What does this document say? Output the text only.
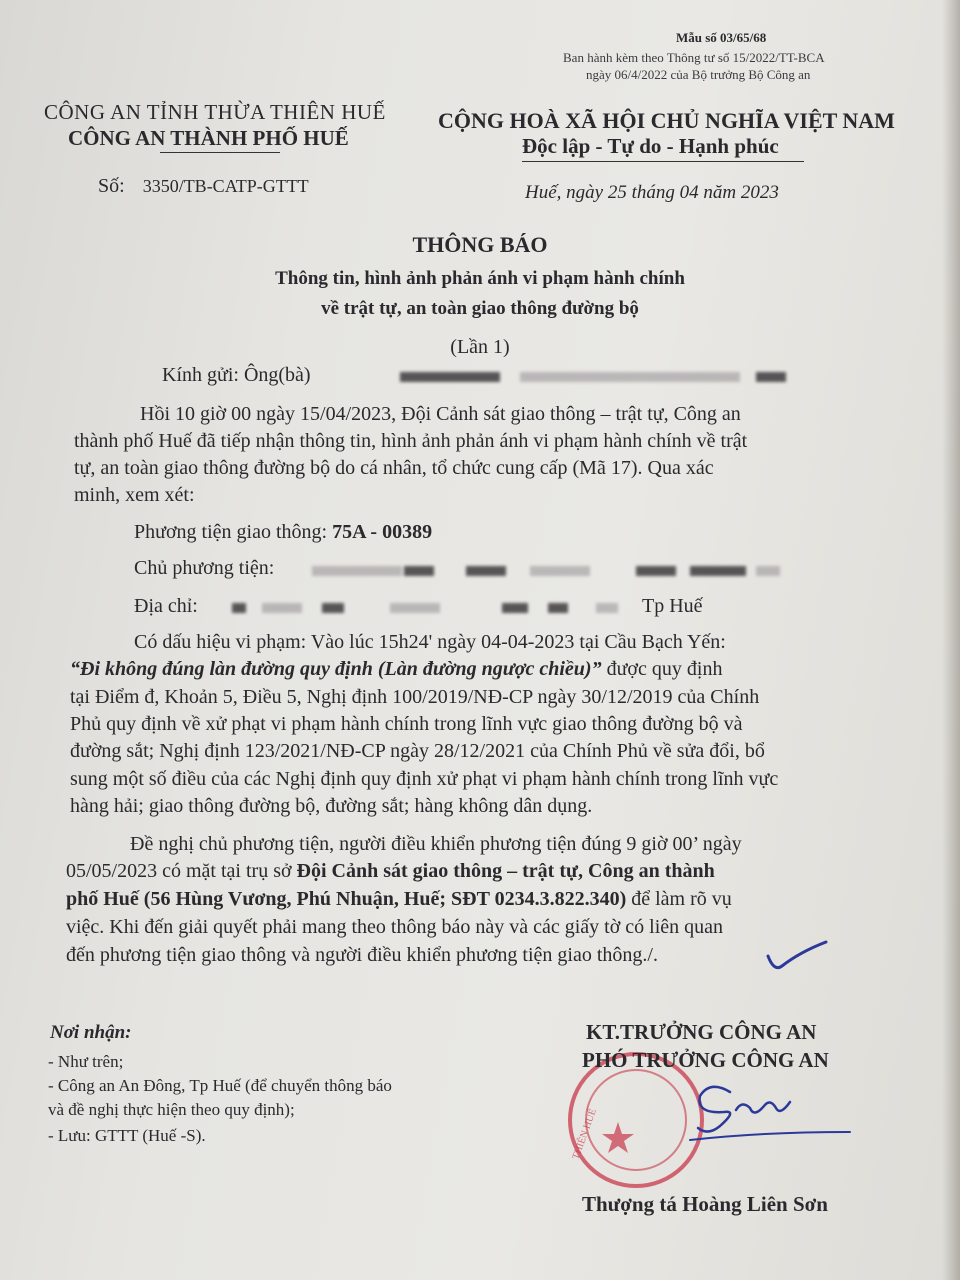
Mẫu số 03/65/68
Ban hành kèm theo Thông tư số 15/2022/TT-BCA
ngày 06/4/2022 của Bộ trưởng Bộ Công an
CÔNG AN TỈNH THỪA THIÊN HUẾ
CÔNG AN THÀNH PHỐ HUẾ
CỘNG HOÀ XÃ HỘI CHỦ NGHĨA VIỆT NAM
Độc lập - Tự do - Hạnh phúc
Số: 3350/TB-CATP-GTTT	Huế, ngày 25 tháng 04 năm 2023
THÔNG BÁO
Thông tin, hình ảnh phản ánh vi phạm hành chính
về trật tự, an toàn giao thông đường bộ
(Lần 1)
Kính gửi: Ông(bà)
Hồi 10 giờ 00 ngày 15/04/2023, Đội Cảnh sát giao thông – trật tự, Công an
thành phố Huế đã tiếp nhận thông tin, hình ảnh phản ánh vi phạm hành chính về trật
tự, an toàn giao thông đường bộ do cá nhân, tổ chức cung cấp (Mã 17). Qua xác
minh, xem xét:
Phương tiện giao thông: 75A - 00389
Chủ phương tiện:
Địa chỉ:	Tp Huế
Có dấu hiệu vi phạm: Vào lúc 15h24' ngày 04-04-2023 tại Cầu Bạch Yến:
“Đi không đúng làn đường quy định (Làn đường ngược chiều)” được quy định
tại Điểm đ, Khoản 5, Điều 5, Nghị định 100/2019/NĐ-CP ngày 30/12/2019 của Chính
Phủ quy định về xử phạt vi phạm hành chính trong lĩnh vực giao thông đường bộ và
đường sắt; Nghị định 123/2021/NĐ-CP ngày 28/12/2021 của Chính Phủ về sửa đổi, bổ
sung một số điều của các Nghị định quy định xử phạt vi phạm hành chính trong lĩnh vực
hàng hải; giao thông đường bộ, đường sắt; hàng không dân dụng.
Đề nghị chủ phương tiện, người điều khiển phương tiện đúng 9 giờ 00’ ngày
05/05/2023 có mặt tại trụ sở Đội Cảnh sát giao thông – trật tự, Công an thành
phố Huế (56 Hùng Vương, Phú Nhuận, Huế; SĐT 0234.3.822.340) để làm rõ vụ
việc. Khi đến giải quyết phải mang theo thông báo này và các giấy tờ có liên quan
đến phương tiện giao thông và người điều khiển phương tiện giao thông./.
Nơi nhận:
- Như trên;
- Công an An Đông, Tp Huế (để chuyển thông báo
và đề nghị thực hiện theo quy định);
- Lưu: GTTT (Huế -S).	THIÊN HUẾ
KT.TRƯỞNG CÔNG AN
PHÓ TRƯỞNG CÔNG AN
Thượng tá Hoàng Liên Sơn
